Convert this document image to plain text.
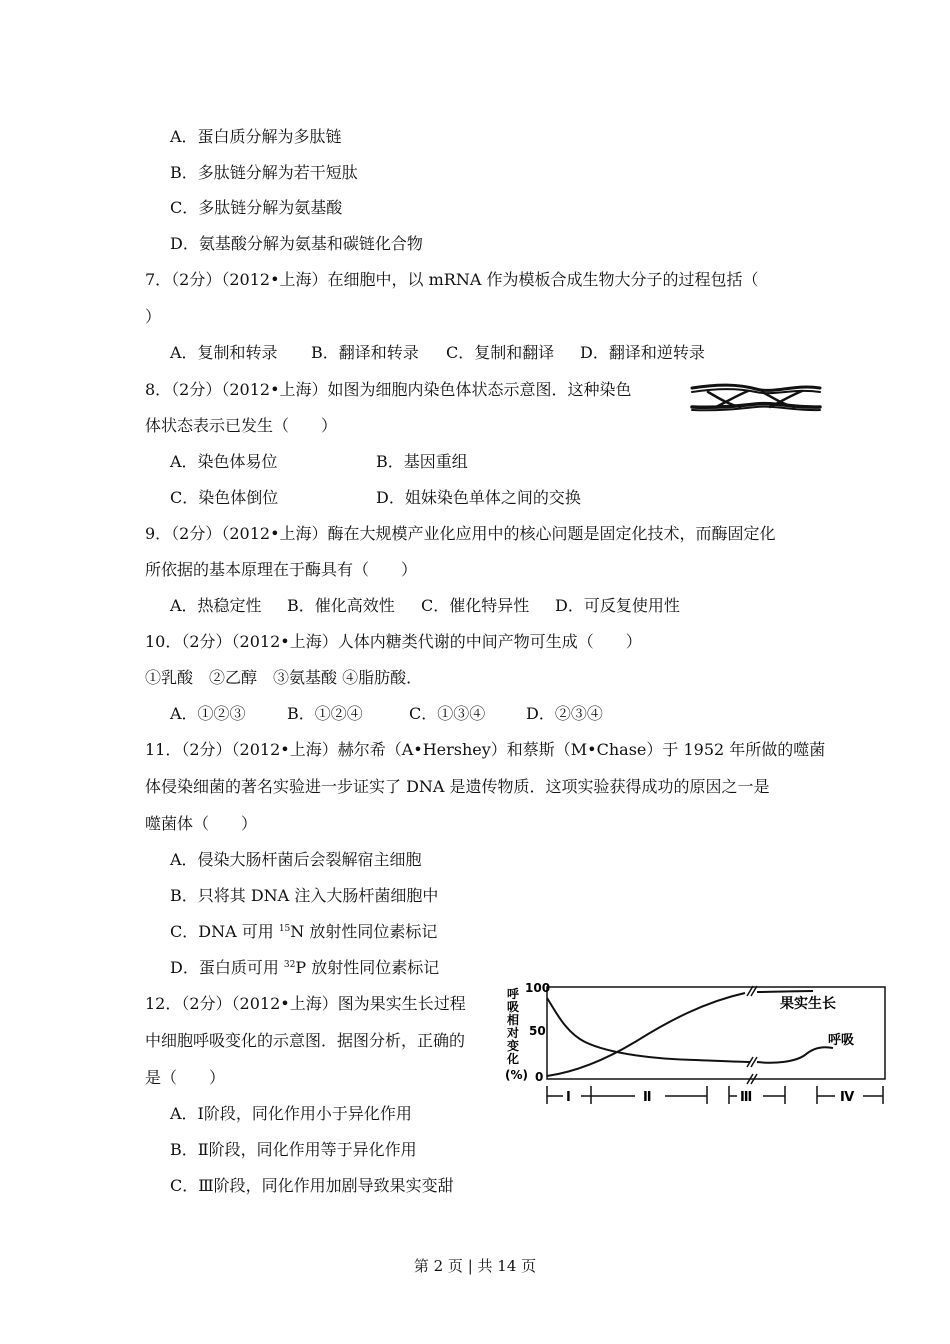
A．蛋白质分解为多肽链
B．多肽链分解为若干短肽
C．多肽链分解为氨基酸
D．氨基酸分解为氨基和碳链化合物
7．（2分）（2012•上海）在细胞中，以 mRNA 作为模板合成生物大分子的过程包括（
）
A．复制和转录 B．翻译和转录 C．复制和翻译 D．翻译和逆转录
8．（2分）（2012•上海）如图为细胞内染色体状态示意图．这种染色
体状态表示已发生（　　）
A．染色体易位	B．基因重组
C．染色体倒位	D．姐妹染色单体之间的交换
9．（2分）（2012•上海）酶在大规模产业化应用中的核心问题是固定化技术，而酶固定化
所依据的基本原理在于酶具有（　　）
A．热稳定性 B．催化高效性 C．催化特异性 D．可反复使用性
10．（2分）（2012•上海）人体内糖类代谢的中间产物可生成（　　）
①乳酸　②乙醇　③氨基酸 ④脂肪酸．
A．①②③	B．①②④	C．①③④	D．②③④
11．（2分）（2012•上海）赫尔希（A•Hershey）和蔡斯（M•Chase）于 1952 年所做的噬菌
体侵染细菌的著名实验进一步证实了 DNA 是遗传物质．这项实验获得成功的原因之一是
噬菌体（　　）
A．侵染大肠杆菌后会裂解宿主细胞
B．只将其 DNA 注入大肠杆菌细胞中
C．DNA 可用 $^{15}$N 放射性同位素标记
D．蛋白质可用 $^{32}$P 放射性同位素标记
12．（2分）（2012•上海）图为果实生长过程
中细胞呼吸变化的示意图．据图分析，正确的
是（　　）
A．Ⅰ阶段，同化作用小于异化作用
B．Ⅱ阶段，同化作用等于异化作用
C．Ⅲ阶段，同化作用加剧导致果实变甜
呼吸相对变化(%)
100
50
0
果实生长
呼吸
Ⅰ	Ⅱ	Ⅲ	Ⅳ
第 2 页 | 共 14 页
